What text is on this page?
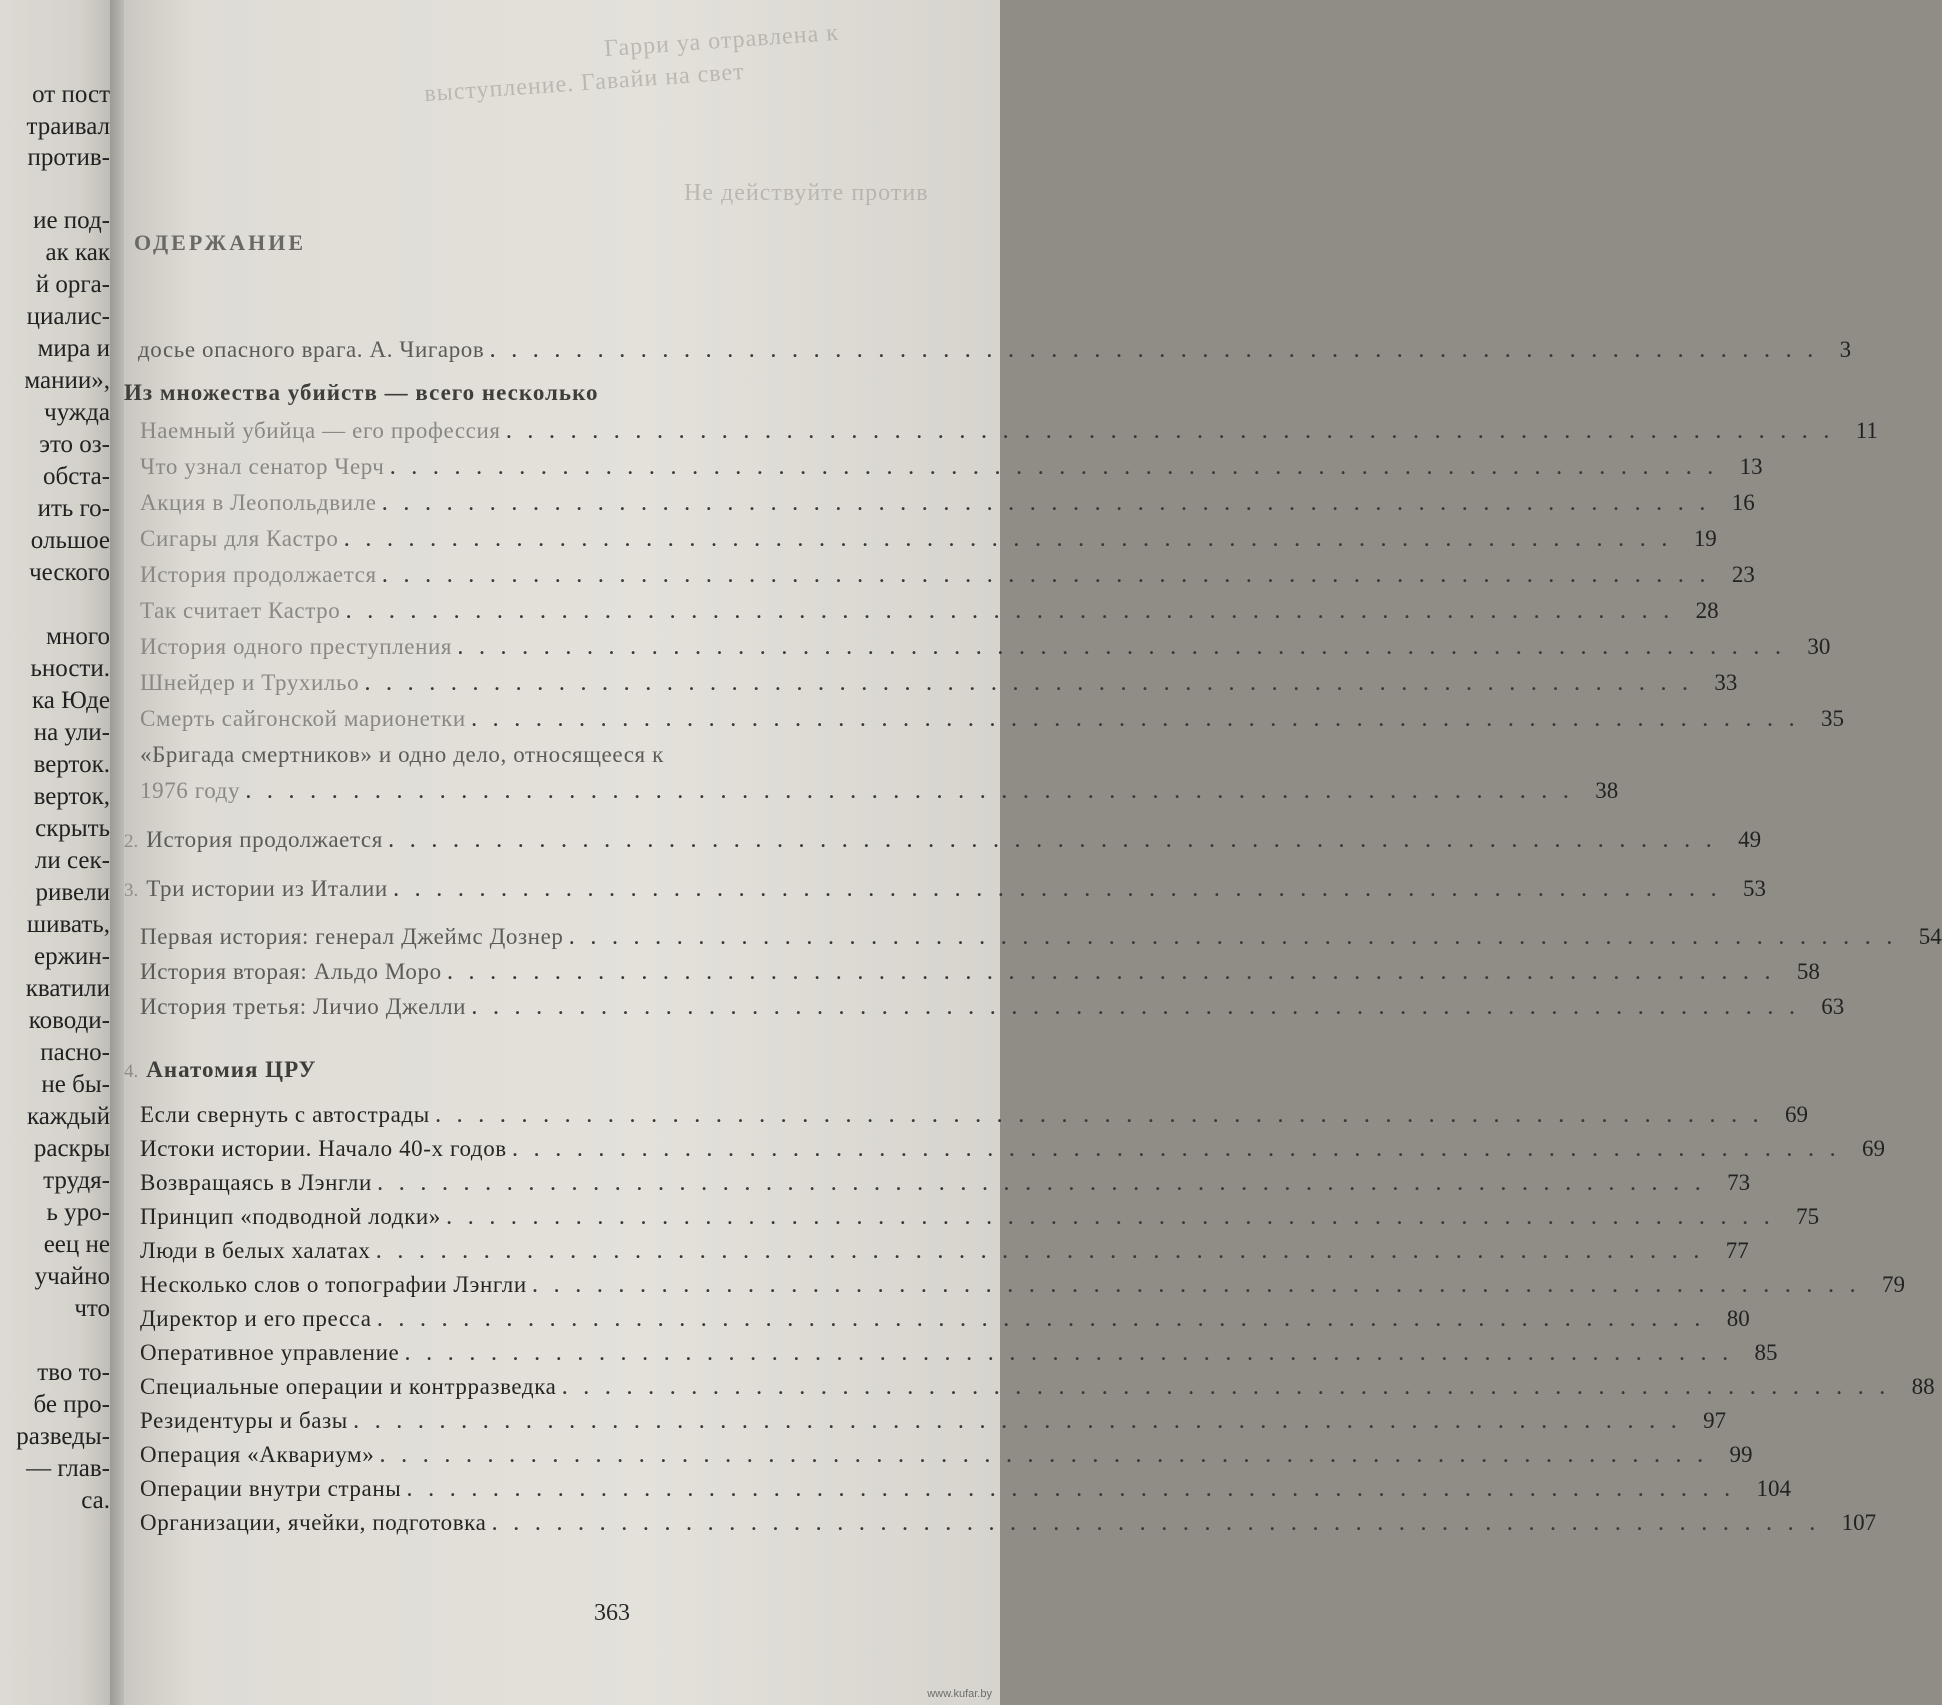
от пост
траивал
против-
ие под-
ак как
й орга-
циалис-
мира и
мании»,
чужда
это оз-
обста-
ить го-
ольшое
ческого
много
ьности.
ка Юде
на ули-
верток.
верток,
скрыть
ли сек-
ривели
шивать,
ержин-
кватили
ководи-
пасно-
не бы-
каждый
раскры
трудя-
ь уро-
еец не
учайно
что
тво то-
бе про-
разведы-
— глав-
са.
Гарри уа отравлена к
выступление. Гавайи на свет
Не действуйте против
ОДЕРЖАНИЕ
досье опасного врага. А. Чигаров .............................................................. 3
Из множества убийств — всего несколько
Наемный убийца — его профессия .............................................................. 11
Что узнал сенатор Черч .............................................................. 13
Акция в Леопольдвиле .............................................................. 16
Сигары для Кастро .............................................................. 19
История продолжается .............................................................. 23
Так считает Кастро .............................................................. 28
История одного преступления .............................................................. 30
Шнейдер и Трухильо .............................................................. 33
Смерть сайгонской марионетки .............................................................. 35
«Бригада смертников» и одно дело, относящееся к
1976 году .............................................................. 38
2. История продолжается .............................................................. 49
3. Три истории из Италии .............................................................. 53
Первая история: генерал Джеймс Дознер .............................................................. 54
История вторая: Альдо Моро .............................................................. 58
История третья: Личио Джелли .............................................................. 63
4. Анатомия ЦРУ
Если свернуть с автострады .............................................................. 69
Истоки истории. Начало 40-х годов .............................................................. 69
Возвращаясь в Лэнгли .............................................................. 73
Принцип «подводной лодки» .............................................................. 75
Люди в белых халатах .............................................................. 77
Несколько слов о топографии Лэнгли .............................................................. 79
Директор и его пресса .............................................................. 80
Оперативное управление .............................................................. 85
Специальные операции и контрразведка .............................................................. 88
Резидентуры и базы .............................................................. 97
Операция «Аквариум» .............................................................. 99
Операции внутри страны .............................................................. 104
Организации, ячейки, подготовка .............................................................. 107
363
www.kufar.by
